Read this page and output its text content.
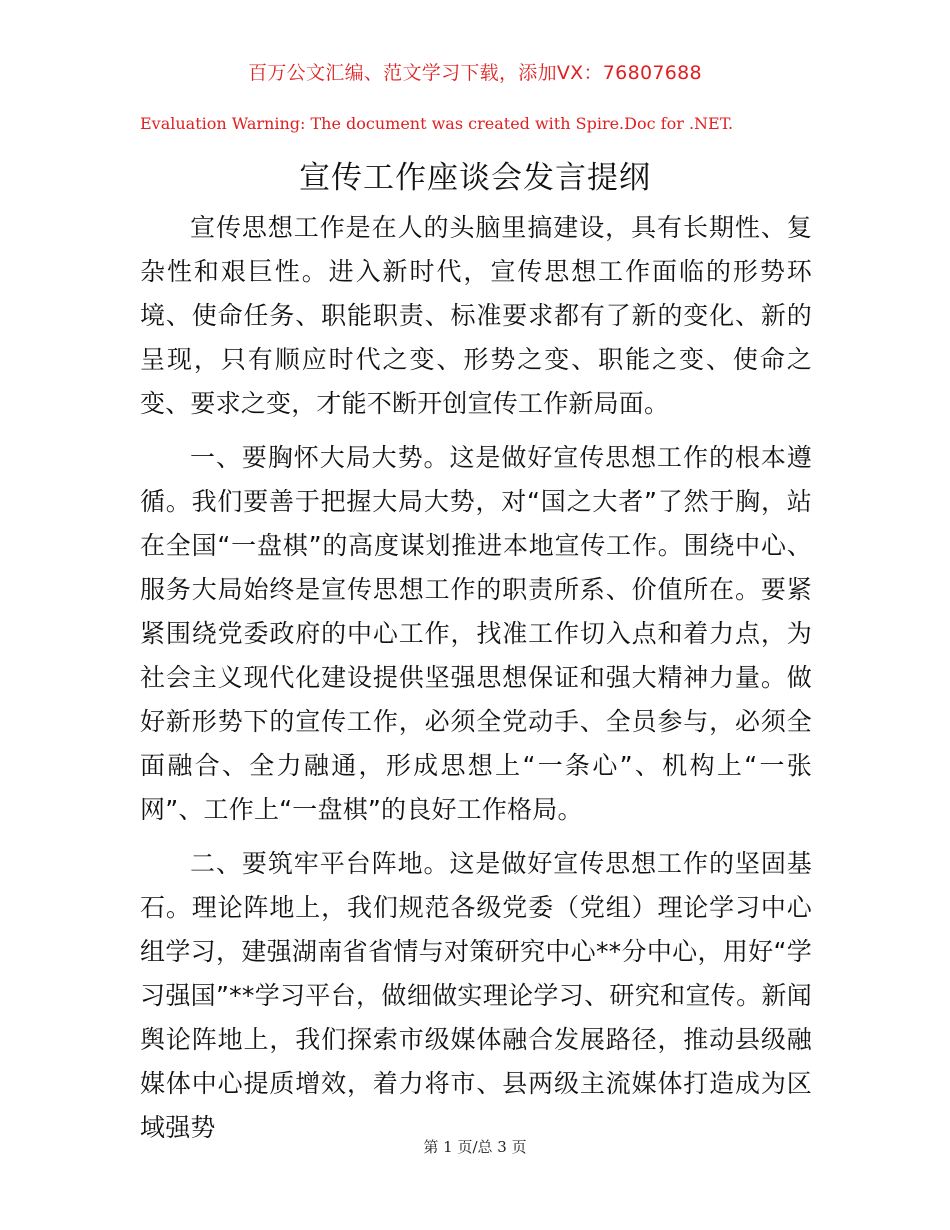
百万公文汇编、范文学习下载，添加VX：76807688
Evaluation Warning: The document was created with Spire.Doc for .NET.
宣传工作座谈会发言提纲

宣传思想工作是在人的头脑里搞建设，具有长期性、复杂性和艰巨性。进入新时代，宣传思想工作面临的形势环境、使命任务、职能职责、标准要求都有了新的变化、新的呈现，只有顺应时代之变、形势之变、职能之变、使命之变、要求之变，才能不断开创宣传工作新局面。

一、要胸怀大局大势。这是做好宣传思想工作的根本遵循。我们要善于把握大局大势，对“国之大者”了然于胸，站在全国“一盘棋”的高度谋划推进本地宣传工作。围绕中心、服务大局始终是宣传思想工作的职责所系、价值所在。要紧紧围绕党委政府的中心工作，找准工作切入点和着力点，为社会主义现代化建设提供坚强思想保证和强大精神力量。做好新形势下的宣传工作，必须全党动手、全员参与，必须全面融合、全力融通，形成思想上“一条心”、机构上“一张网”、工作上“一盘棋”的良好工作格局。

二、要筑牢平台阵地。这是做好宣传思想工作的坚固基石。理论阵地上，我们规范各级党委（党组）理论学习中心组学习，建强湖南省省情与对策研究中心**分中心，用好“学习强国”**学习平台，做细做实理论学习、研究和宣传。新闻舆论阵地上，我们探索市级媒体融合发展路径，推动县级融媒体中心提质增效，着力将市、县两级主流媒体打造成为区域强势

第 1 页/总 3 页
